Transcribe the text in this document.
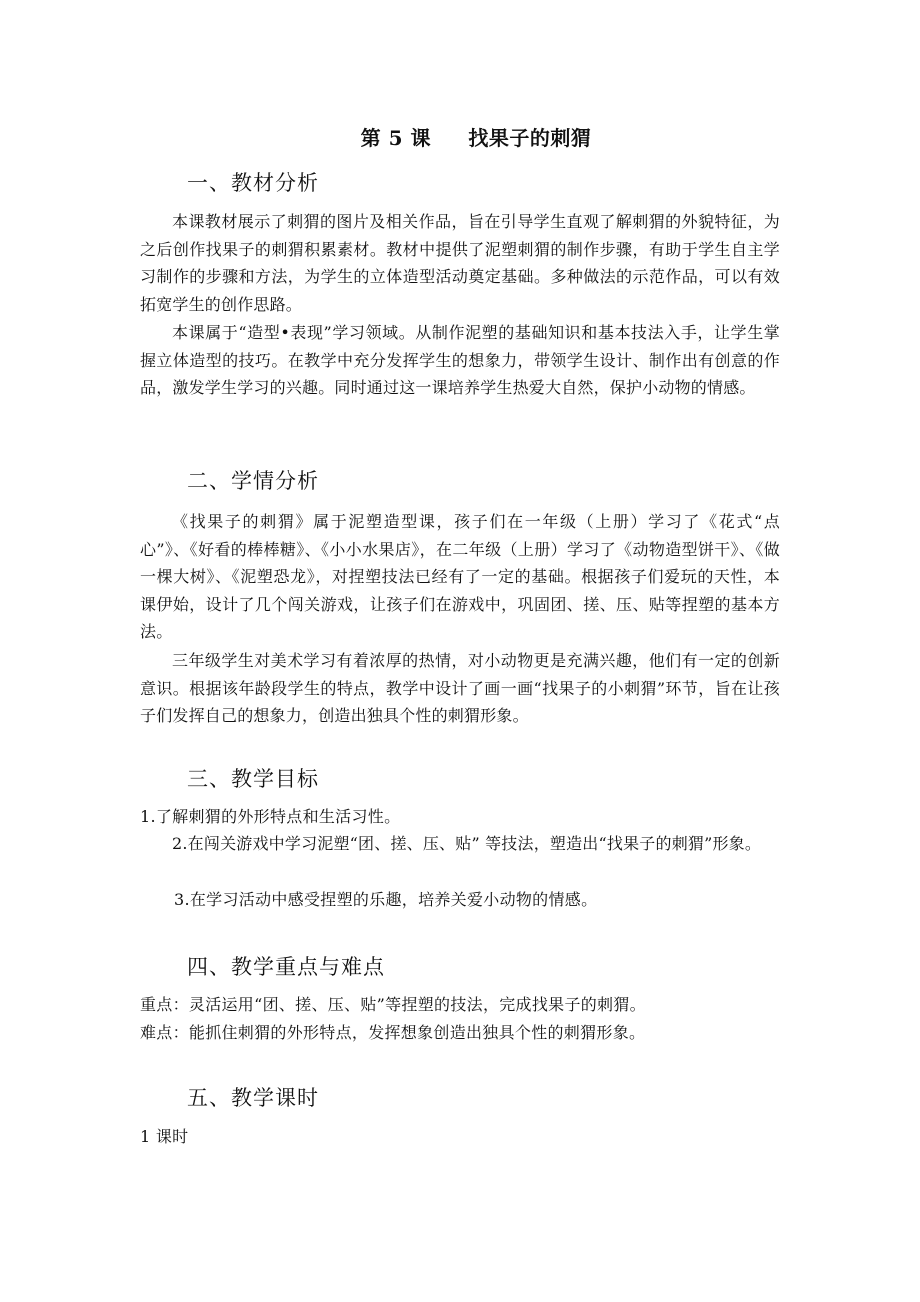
第 5 课     找果子的刺猬
一、教材分析

本课教材展示了刺猬的图片及相关作品，旨在引导学生直观了解刺猬的外貌特征，为之后创作找果子的刺猬积累素材。教材中提供了泥塑刺猬的制作步骤，有助于学生自主学习制作的步骤和方法，为学生的立体造型活动奠定基础。多种做法的示范作品，可以有效拓宽学生的创作思路。

本课属于“造型•表现”学习领域。从制作泥塑的基础知识和基本技法入手，让学生掌握立体造型的技巧。在教学中充分发挥学生的想象力，带领学生设计、制作出有创意的作品，激发学生学习的兴趣。同时通过这一课培养学生热爱大自然，保护小动物的情感。

二、学情分析

《找果子的刺猬》属于泥塑造型课，孩子们在一年级（上册）学习了《花式“点心”》、《好看的棒棒糖》、《小小水果店》，在二年级（上册）学习了《动物造型饼干》、《做一棵大树》、《泥塑恐龙》，对捏塑技法已经有了一定的基础。根据孩子们爱玩的天性，本课伊始，设计了几个闯关游戏，让孩子们在游戏中，巩固团、搓、压、贴等捏塑的基本方法。

三年级学生对美术学习有着浓厚的热情，对小动物更是充满兴趣，他们有一定的创新意识。根据该年龄段学生的特点，教学中设计了画一画“找果子的小刺猬”环节，旨在让孩子们发挥自己的想象力，创造出独具个性的刺猬形象。

三、教学目标
1.了解刺猬的外形特点和生活习性。

2.在闯关游戏中学习泥塑“团、搓、压、贴” 等技法，塑造出“找果子的刺猬”形象。

3.在学习活动中感受捏塑的乐趣，培养关爱小动物的情感。
四、教学重点与难点
重点：灵活运用“团、搓、压、贴”等捏塑的技法，完成找果子的刺猬。
难点：能抓住刺猬的外形特点，发挥想象创造出独具个性的刺猬形象。
五、教学课时
1 课时
